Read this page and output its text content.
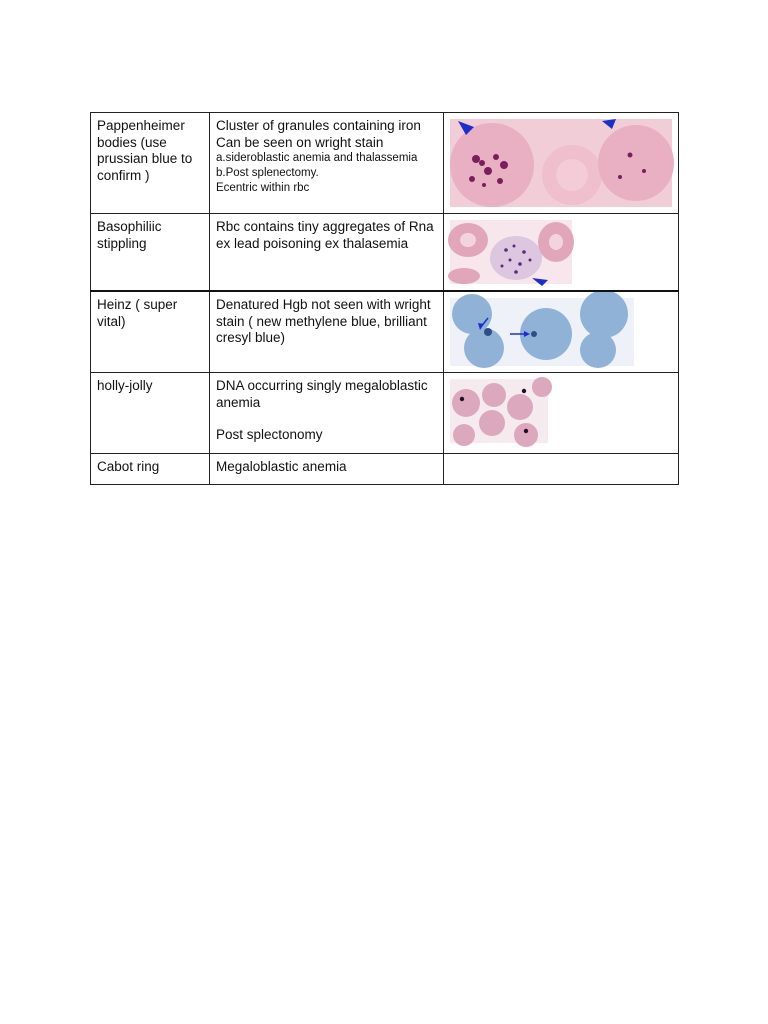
Pappenheimer bodies (use prussian blue to confirm )	Cluster of granules containing iron
Can be seen on wright stain
a.sideroblastic anemia and thalassemia
b.Post splenectomy.
Ecentric within rbc

Basophiliic stippling	Rbc contains tiny aggregates of Rna ex lead poisoning ex thalasemia

Heinz ( super vital)	Denatured Hgb not seen with wright stain ( new methylene blue, brilliant cresyl blue)

holly-jolly	DNA occurring singly megaloblastic anemia
Post splectonomy

Cabot ring	Megaloblastic anemia	
